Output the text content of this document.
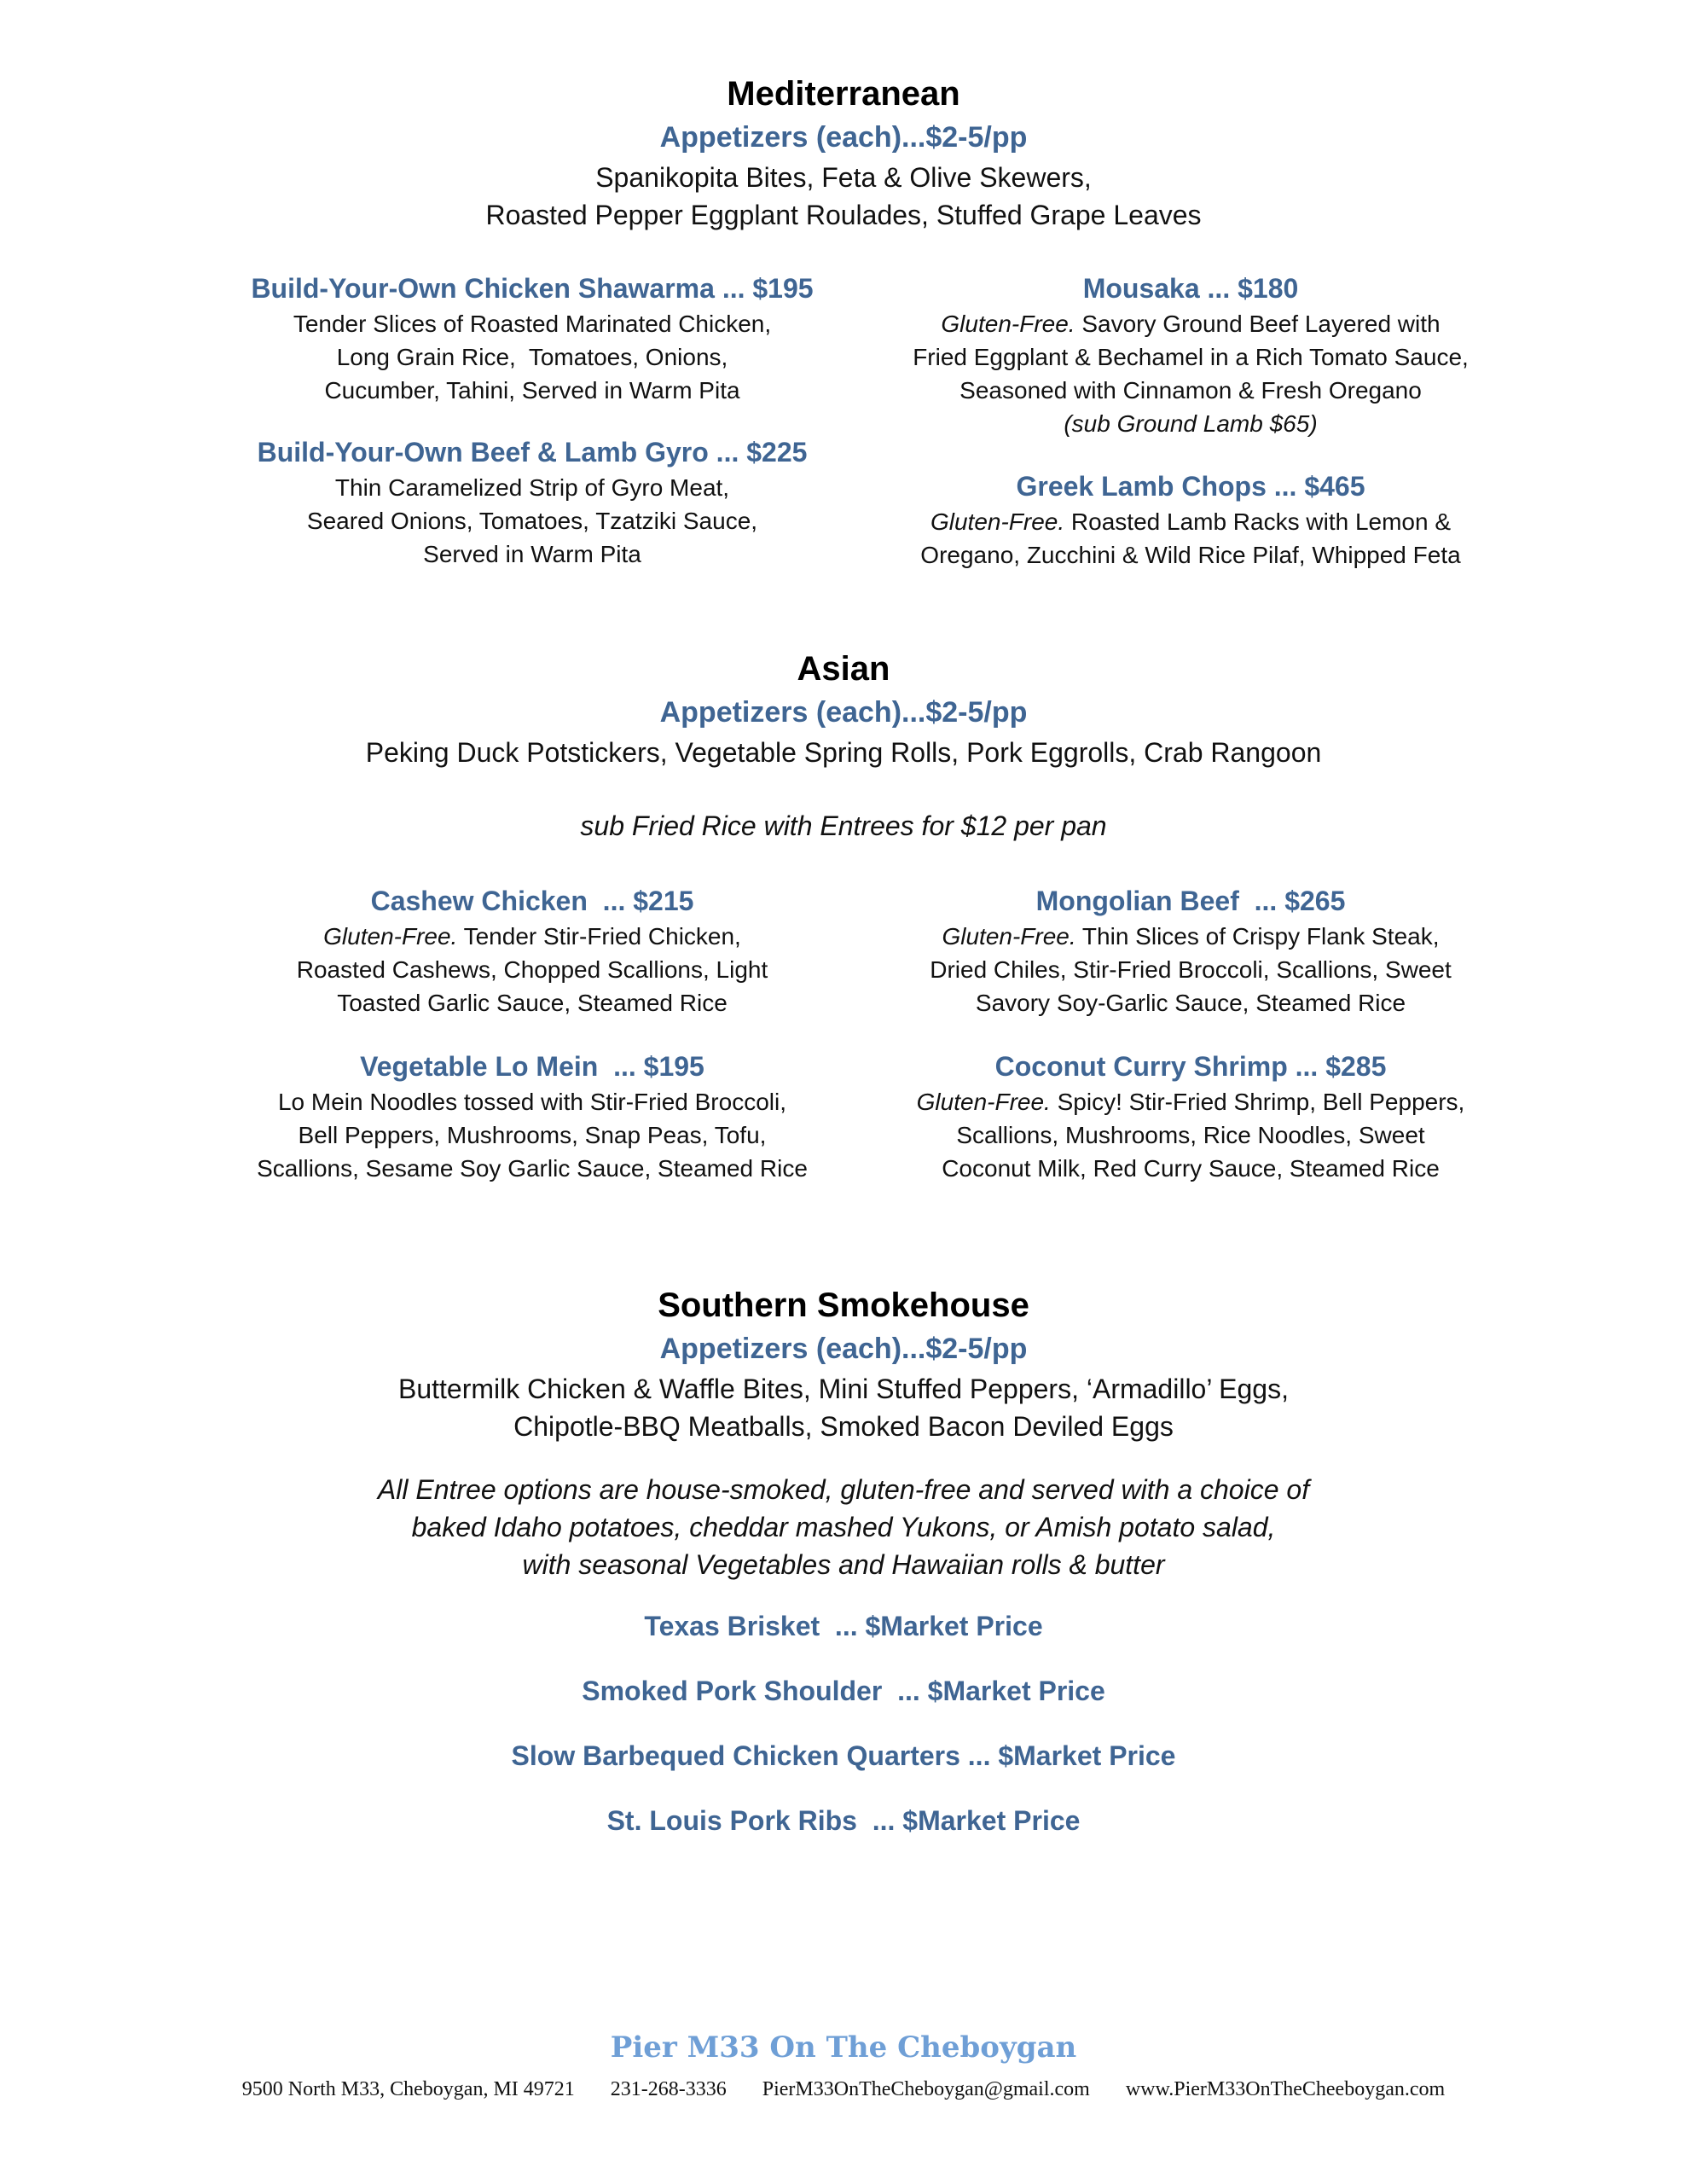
Mediterranean
Appetizers (each)...$2-5/pp
Spanikopita Bites, Feta & Olive Skewers,
Roasted Pepper Eggplant Roulades, Stuffed Grape Leaves
Build-Your-Own Chicken Shawarma ... $195
Tender Slices of Roasted Marinated Chicken,
Long Grain Rice,  Tomatoes, Onions,
Cucumber, Tahini, Served in Warm Pita
Build-Your-Own Beef & Lamb Gyro ... $225
Thin Caramelized Strip of Gyro Meat,
Seared Onions, Tomatoes, Tzatziki Sauce,
Served in Warm Pita
Mousaka ... $180
Gluten-Free. Savory Ground Beef Layered with
Fried Eggplant & Bechamel in a Rich Tomato Sauce,
Seasoned with Cinnamon & Fresh Oregano
(sub Ground Lamb $65)
Greek Lamb Chops ... $465
Gluten-Free. Roasted Lamb Racks with Lemon &
Oregano, Zucchini & Wild Rice Pilaf, Whipped Feta
Asian
Appetizers (each)...$2-5/pp
Peking Duck Potstickers, Vegetable Spring Rolls, Pork Eggrolls, Crab Rangoon
sub Fried Rice with Entrees for $12 per pan
Cashew Chicken  ... $215
Gluten-Free. Tender Stir-Fried Chicken,
Roasted Cashews, Chopped Scallions, Light
Toasted Garlic Sauce, Steamed Rice
Vegetable Lo Mein  ... $195
Lo Mein Noodles tossed with Stir-Fried Broccoli,
Bell Peppers, Mushrooms, Snap Peas, Tofu,
Scallions, Sesame Soy Garlic Sauce, Steamed Rice
Mongolian Beef  ... $265
Gluten-Free. Thin Slices of Crispy Flank Steak,
Dried Chiles, Stir-Fried Broccoli, Scallions, Sweet
Savory Soy-Garlic Sauce, Steamed Rice
Coconut Curry Shrimp ... $285
Gluten-Free. Spicy! Stir-Fried Shrimp, Bell Peppers,
Scallions, Mushrooms, Rice Noodles, Sweet
Coconut Milk, Red Curry Sauce, Steamed Rice
Southern Smokehouse
Appetizers (each)...$2-5/pp
Buttermilk Chicken & Waffle Bites, Mini Stuffed Peppers, ‘Armadillo’ Eggs,
Chipotle-BBQ Meatballs, Smoked Bacon Deviled Eggs
All Entree options are house-smoked, gluten-free and served with a choice of
baked Idaho potatoes, cheddar mashed Yukons, or Amish potato salad,
with seasonal Vegetables and Hawaiian rolls & butter
Texas Brisket  ... $Market Price
Smoked Pork Shoulder  ... $Market Price
Slow Barbequed Chicken Quarters ... $Market Price
St. Louis Pork Ribs  ... $Market Price
Pier M33 On The Cheboygan
9500 North M33, Cheboygan, MI 49721 231-268-3336 PierM33OnTheCheboygan@gmail.com www.PierM33OnTheCheeboygan.com
